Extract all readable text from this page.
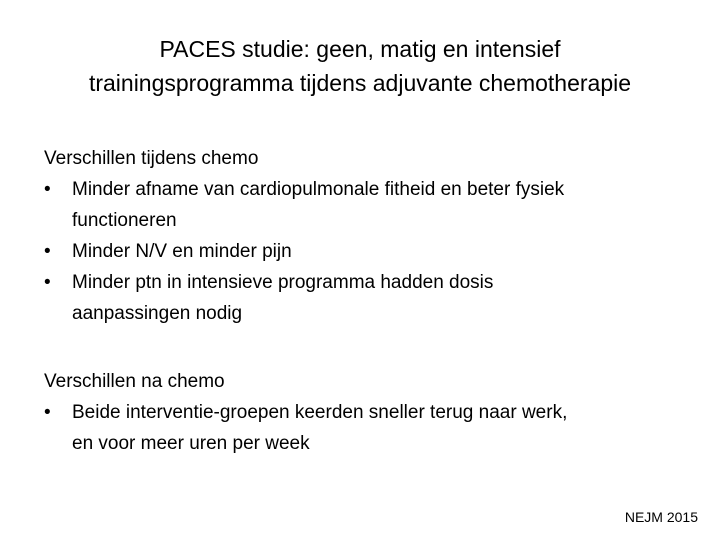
PACES studie: geen, matig en intensief
trainingsprogramma tijdens adjuvante chemotherapie
Verschillen tijdens chemo
•	Minder afname van cardiopulmonale fitheid en beter fysiek
functioneren
•	Minder N/V en minder pijn
•	Minder ptn in intensieve programma hadden dosis
aanpassingen nodig
Verschillen na chemo
•	Beide interventie-groepen keerden sneller terug naar werk,
en voor meer uren per week
NEJM 2015
